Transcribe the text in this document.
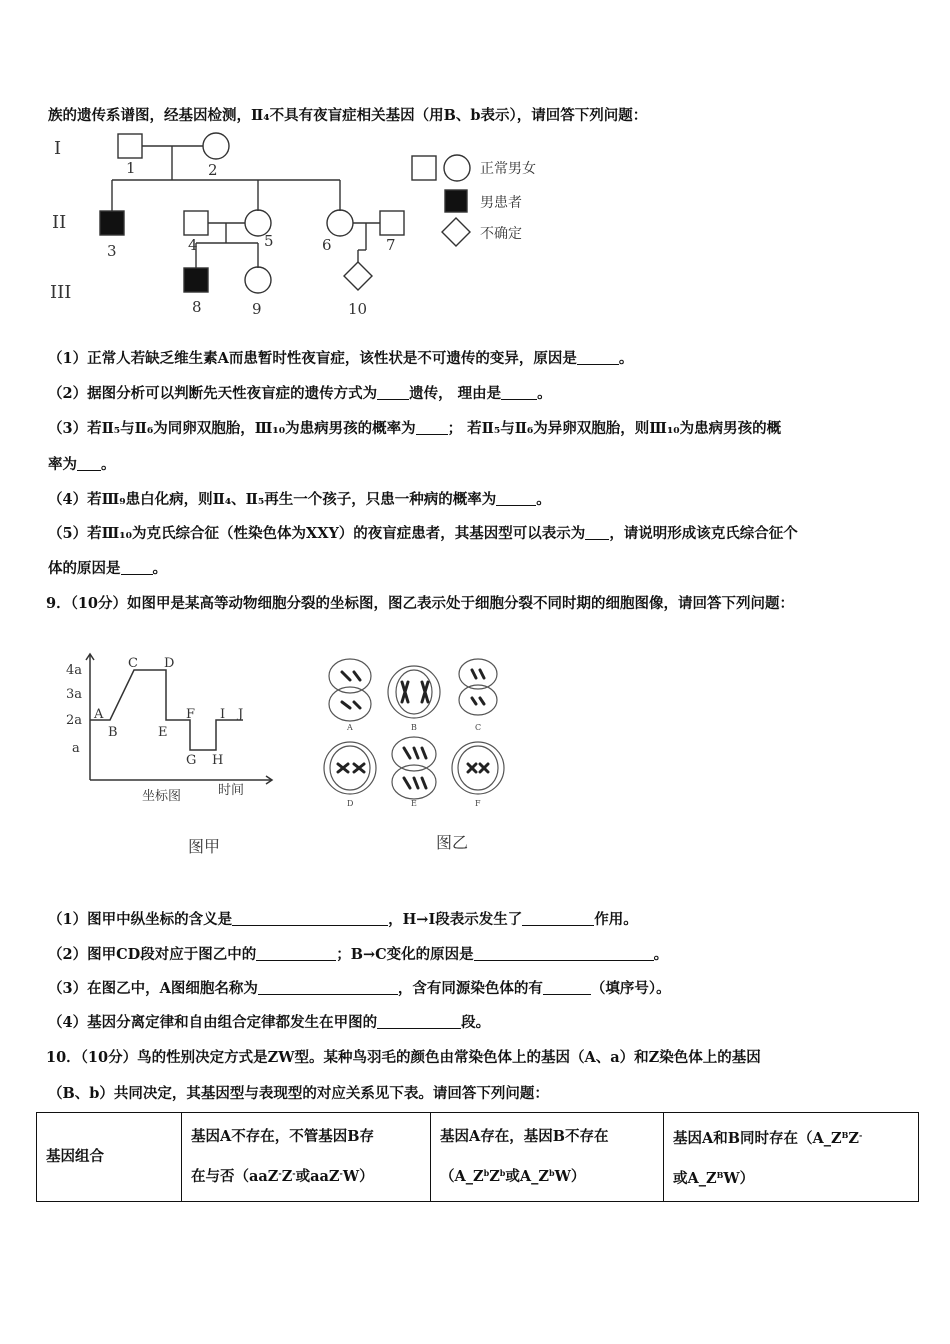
族的遗传系谱图，经基因检测，Ⅱ₄不具有夜盲症相关基因（用B、b表示），请回答下列问题：
I
II
III
1	2
3	4	5	6	7
8	9	10
正常男女
男患者
不确定
（1）正常人若缺乏维生素A而患暂时性夜盲症，该性状是不可遗传的变异，原因是	。
（2）据图分析可以判断先天性夜盲症的遗传方式为 遗传， 理由是 。
（3）若Ⅱ₅与Ⅱ₆为同卵双胞胎，Ⅲ₁₀为患病男孩的概率为 ； 若Ⅱ₅与Ⅱ₆为异卵双胞胎，则Ⅲ₁₀为患病男孩的概
率为 。
（4）若Ⅲ₉患白化病，则Ⅱ₄、Ⅱ₅再生一个孩子，只患一种病的概率为	。
（5）若Ⅲ₁₀为克氏综合征（性染色体为XXY）的夜盲症患者，其基因型可以表示为 ，请说明形成该克氏综合征个
体的原因是 。
9．（10分）如图甲是某高等动物细胞分裂的坐标图，图乙表示处于细胞分裂不同时期的细胞图像，请回答下列问题：
4a
3a
2a
a
A
B
C D
E
F
G H
I J
坐标图	时间
图甲
A	B	C
D	E	F
图乙
（1）图甲中纵坐标的含义是	，H→I段表示发生了	作用。
（2）图甲CD段对应于图乙中的	；B→C变化的原因是	。
（3）在图乙中，A图细胞名称为	，含有同源染色体的有	（填序号）。
（4）基因分离定律和自由组合定律都发生在甲图的	段。
10．（10分）鸟的性别决定方式是ZW型。某种鸟羽毛的颜色由常染色体上的基因（A、a）和Z染色体上的基因
（B、b）共同决定，其基因型与表现型的对应关系见下表。请回答下列问题：
基因组合	基因A不存在，不管基因B存
在与否（aaZ-Z-或aaZ-W）	基因A存在，基因B不存在
（$A\_Z^bZ^b$或$A\_Z^bW$）	基因A和B同时存在（$A\_Z^BZ^-$
或$A\_Z^BW$）
